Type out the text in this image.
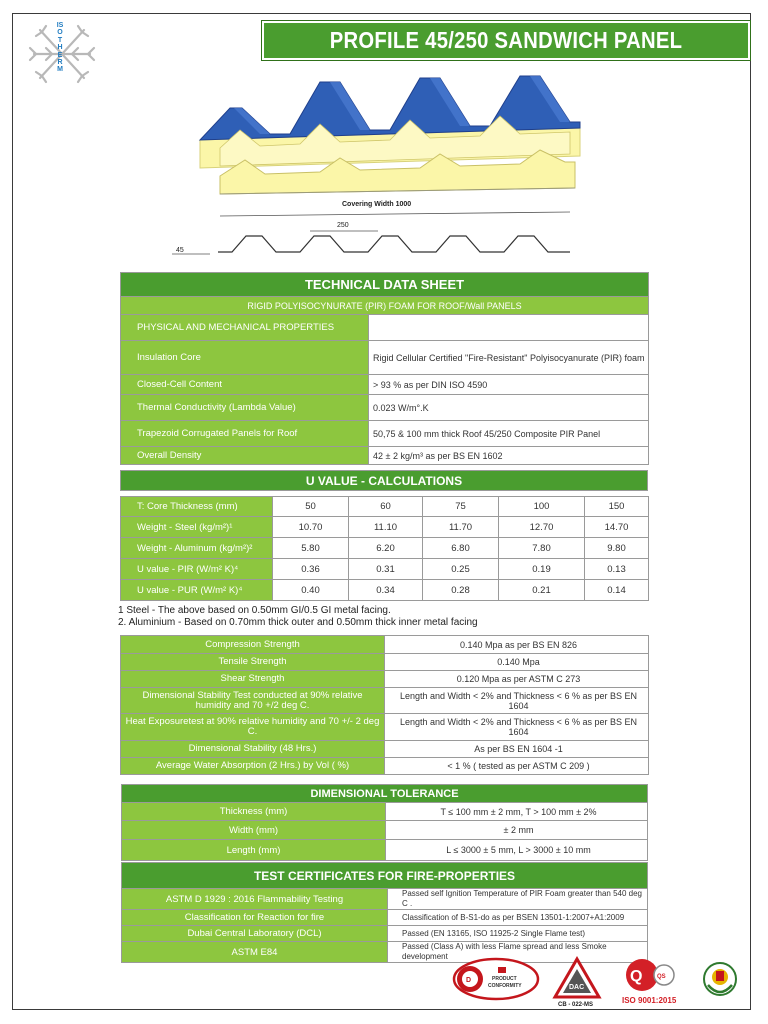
ISOTHERM
PROFILE 45/250 SANDWICH PANEL
Covering Width 1000
250
45
TECHNICAL DATA SHEET	
RIGID POLYISOCYNURATE (PIR) FOAM FOR ROOF/Wall PANELS	
PHYSICAL AND MECHANICAL PROPERTIES	
Insulation Core	Rigid Cellular Certified "Fire-Resistant" Polyisocyanurate (PIR) foam
Closed-Cell Content	> 93 % as per DIN ISO 4590
Thermal Conductivity (Lambda Value)	0.023 W/m°.K
Trapezoid Corrugated Panels for Roof	50,75 & 100 mm thick Roof 45/250 Composite PIR Panel
Overall Density	42 ± 2 kg/m³ as per BS EN 1602
U VALUE - CALCULATIONS
T: Core Thickness (mm)	50	60	75	100	150
Weight - Steel (kg/m²)¹	10.70	11.10	11.70	12.70	14.70
Weight - Aluminum (kg/m²)²	5.80	6.20	6.80	7.80	9.80
U value - PIR (W/m² K)⁴	0.36	0.31	0.25	0.19	0.13
U value - PUR (W/m² K)⁴	0.40	0.34	0.28	0.21	0.14
1 Steel - The above based on 0.50mm GI/0.5 GI metal facing.
2. Aluminium - Based on 0.70mm thick outer and 0.50mm thick inner metal facing
Compression Strength	0.140 Mpa as per BS EN 826
Tensile Strength	0.140 Mpa
Shear Strength	0.120 Mpa as per ASTM C 273
Dimensional Stability Test conducted at 90% relative humidity and 70 +/2 deg C.	Length and Width < 2% and Thickness < 6 % as per BS EN 1604
Heat Exposuretest at 90% relative humidity and 70 +/- 2 deg C.	Length and Width < 2% and Thickness < 6 % as per BS EN 1604
Dimensional Stability (48 Hrs.)	As per BS EN 1604 -1
Average Water Absorption (2 Hrs.) by Vol ( %)	< 1 % ( tested as per ASTM C 209 )
DIMENSIONAL TOLERANCE	
Thickness (mm)	T ≤ 100 mm ± 2 mm, T > 100 mm ± 2%
Width (mm)	± 2 mm
Length (mm)	L ≤ 3000 ± 5 mm, L > 3000 ± 10 mm
TEST CERTIFICATES FOR FIRE-PROPERTIES	
ASTM D 1929 : 2016 Flammability Testing	Passed self Ignition Temperature of PIR Foam greater than 540 deg C .
Classification for Reaction for fire	Classification of B-S1-do as per BSEN 13501-1:2007+A1:2009
Dubai Central Laboratory (DCL)	Passed (EN 13165, ISO 11925-2 Single Flame test)
ASTM E84	Passed (Class A) with less Flame spread and less Smoke development
D	PRODUCT
CONFORMITY	DAC
CB - 022-MS
Q QS
ISO 9001:2015
